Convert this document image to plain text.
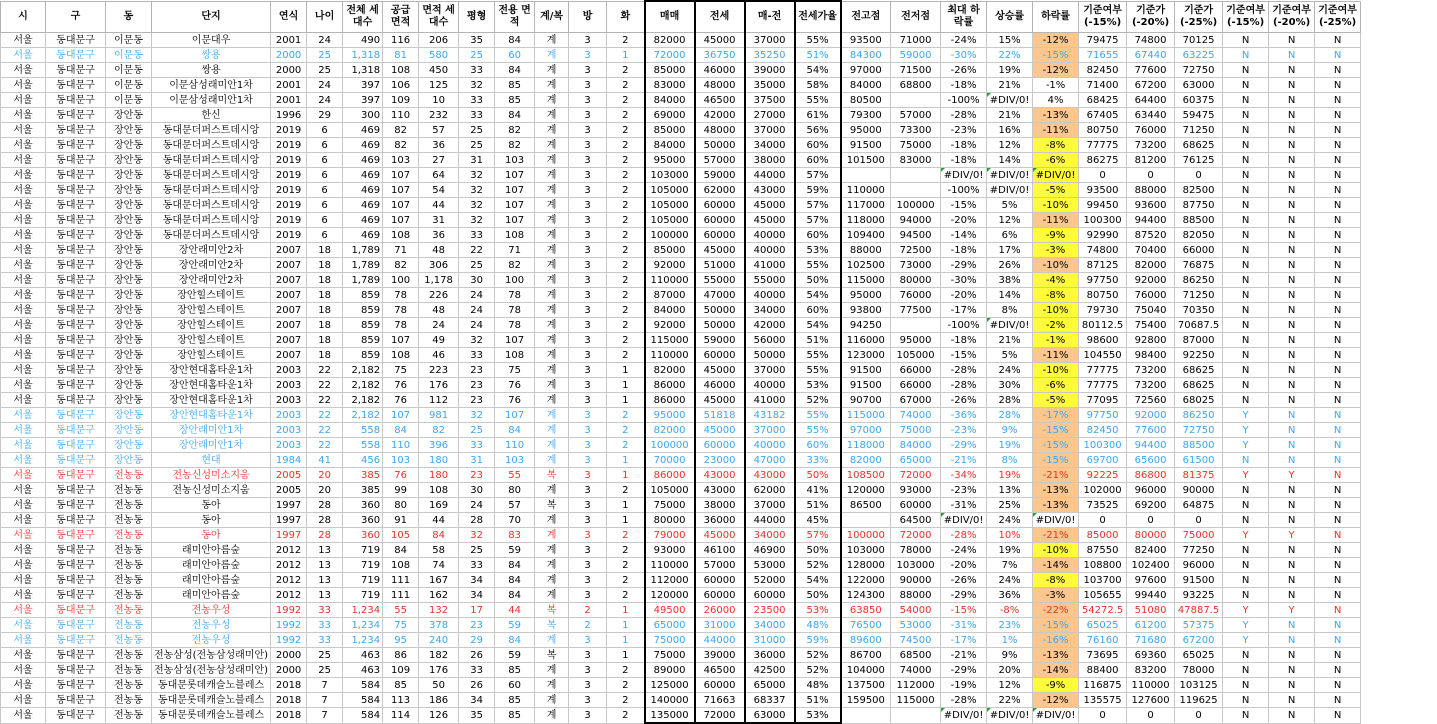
시	구	동	단지	연식	나이	전체 세대수	공급 면적	면적 세대수	평형	전용 면적	계/복	방	화	매매	전세	매-전	전세가율	전고점	전저점	최대 하락률	상승률	하락률	기준여부 (-15%)	기준가 (-20%)	기준가 (-25%)	기준여부 (-15%)	기준여부 (-20%)	기준여부 (-25%)
서울	동대문구	이문동	이문대우	2001	24	490	116	206	35	84	계	3	2	82000	45000	37000	55%	93500	71000	-24%	15%	-12%	79475	74800	70125	N	N	N
서울	동대문구	이문동	쌍용	2000	25	1,318	81	580	25	60	계	3	1	72000	36750	35250	51%	84300	59000	-30%	22%	-15%	71655	67440	63225	N	N	N
서울	동대문구	이문동	쌍용	2000	25	1,318	108	450	33	84	계	3	2	85000	46000	39000	54%	97000	71500	-26%	19%	-12%	82450	77600	72750	N	N	N
서울	동대문구	이문동	이문삼성래미안1차	2001	24	397	106	125	32	85	계	3	2	83000	48000	35000	58%	84000	68800	-18%	21%	-1%	71400	67200	63000	N	N	N
서울	동대문구	이문동	이문삼성래미안1차	2001	24	397	109	10	33	85	계	3	2	84000	46500	37500	55%	80500		-100%	#DIV/0!	4%	68425	64400	60375	N	N	N
서울	동대문구	장안동	한신	1996	29	300	110	232	33	84	계	3	2	69000	42000	27000	61%	79300	57000	-28%	21%	-13%	67405	63440	59475	N	N	N
서울	동대문구	장안동	동대문더퍼스트데시앙	2019	6	469	82	57	25	82	계	3	2	85000	48000	37000	56%	95000	73300	-23%	16%	-11%	80750	76000	71250	N	N	N
서울	동대문구	장안동	동대문더퍼스트데시앙	2019	6	469	82	36	25	82	계	3	2	84000	50000	34000	60%	91500	75000	-18%	12%	-8%	77775	73200	68625	N	N	N
서울	동대문구	장안동	동대문더퍼스트데시앙	2019	6	469	103	27	31	103	계	3	2	95000	57000	38000	60%	101500	83000	-18%	14%	-6%	86275	81200	76125	N	N	N
서울	동대문구	장안동	동대문더퍼스트데시앙	2019	6	469	107	64	32	107	계	3	2	103000	59000	44000	57%			#DIV/0!	#DIV/0!	#DIV/0!	0	0	0	N	N	N
서울	동대문구	장안동	동대문더퍼스트데시앙	2019	6	469	107	54	32	107	계	3	2	105000	62000	43000	59%	110000		-100%	#DIV/0!	-5%	93500	88000	82500	N	N	N
서울	동대문구	장안동	동대문더퍼스트데시앙	2019	6	469	107	44	32	107	계	3	2	105000	60000	45000	57%	117000	100000	-15%	5%	-10%	99450	93600	87750	N	N	N
서울	동대문구	장안동	동대문더퍼스트데시앙	2019	6	469	107	31	32	107	계	3	2	105000	60000	45000	57%	118000	94000	-20%	12%	-11%	100300	94400	88500	N	N	N
서울	동대문구	장안동	동대문더퍼스트데시앙	2019	6	469	108	36	33	108	계	3	2	100000	60000	40000	60%	109400	94500	-14%	6%	-9%	92990	87520	82050	N	N	N
서울	동대문구	장안동	장안래미안2차	2007	18	1,789	71	48	22	71	계	3	2	85000	45000	40000	53%	88000	72500	-18%	17%	-3%	74800	70400	66000	N	N	N
서울	동대문구	장안동	장안래미안2차	2007	18	1,789	82	306	25	82	계	3	2	92000	51000	41000	55%	102500	73000	-29%	26%	-10%	87125	82000	76875	N	N	N
서울	동대문구	장안동	장안래미안2차	2007	18	1,789	100	1,178	30	100	계	3	2	110000	55000	55000	50%	115000	80000	-30%	38%	-4%	97750	92000	86250	N	N	N
서울	동대문구	장안동	장안힐스테이트	2007	18	859	78	226	24	78	계	3	2	87000	47000	40000	54%	95000	76000	-20%	14%	-8%	80750	76000	71250	N	N	N
서울	동대문구	장안동	장안힐스테이트	2007	18	859	78	48	24	78	계	3	2	84000	50000	34000	60%	93800	77500	-17%	8%	-10%	79730	75040	70350	N	N	N
서울	동대문구	장안동	장안힐스테이트	2007	18	859	78	24	24	78	계	3	2	92000	50000	42000	54%	94250		-100%	#DIV/0!	-2%	80112.5	75400	70687.5	N	N	N
서울	동대문구	장안동	장안힐스테이트	2007	18	859	107	49	32	107	계	3	2	115000	59000	56000	51%	116000	95000	-18%	21%	-1%	98600	92800	87000	N	N	N
서울	동대문구	장안동	장안힐스테이트	2007	18	859	108	46	33	108	계	3	2	110000	60000	50000	55%	123000	105000	-15%	5%	-11%	104550	98400	92250	N	N	N
서울	동대문구	장안동	장안현대홈타운1차	2003	22	2,182	75	223	23	75	계	3	1	82000	45000	37000	55%	91500	66000	-28%	24%	-10%	77775	73200	68625	N	N	N
서울	동대문구	장안동	장안현대홈타운1차	2003	22	2,182	76	176	23	76	계	3	1	86000	46000	40000	53%	91500	66000	-28%	30%	-6%	77775	73200	68625	N	N	N
서울	동대문구	장안동	장안현대홈타운1차	2003	22	2,182	76	112	23	76	계	3	1	86000	45000	41000	52%	90700	67000	-26%	28%	-5%	77095	72560	68025	N	N	N
서울	동대문구	장안동	장안현대홈타운1차	2003	22	2,182	107	981	32	107	계	3	2	95000	51818	43182	55%	115000	74000	-36%	28%	-17%	97750	92000	86250	Y	N	N
서울	동대문구	장안동	장안래미안1차	2003	22	558	84	82	25	84	계	3	2	82000	45000	37000	55%	97000	75000	-23%	9%	-15%	82450	77600	72750	Y	N	N
서울	동대문구	장안동	장안래미안1차	2003	22	558	110	396	33	110	계	3	2	100000	60000	40000	60%	118000	84000	-29%	19%	-15%	100300	94400	88500	Y	N	N
서울	동대문구	장안동	현대	1984	41	456	103	180	31	103	계	3	1	70000	23000	47000	33%	82000	65000	-21%	8%	-15%	69700	65600	61500	N	N	N
서울	동대문구	전농동	전농신성미소지움	2005	20	385	76	180	23	55	복	3	1	86000	43000	43000	50%	108500	72000	-34%	19%	-21%	92225	86800	81375	Y	Y	N
서울	동대문구	전농동	전농신성미소지움	2005	20	385	99	108	30	80	계	3	2	105000	43000	62000	41%	120000	93000	-23%	13%	-13%	102000	96000	90000	N	N	N
서울	동대문구	전농동	동아	1997	28	360	80	169	24	57	복	3	1	75000	38000	37000	51%	86500	60000	-31%	25%	-13%	73525	69200	64875	N	N	N
서울	동대문구	전농동	동아	1997	28	360	91	44	28	70	계	3	1	80000	36000	44000	45%		64500	#DIV/0!	24%	#DIV/0!	0	0	0	N	N	N
서울	동대문구	전농동	동아	1997	28	360	105	84	32	83	계	3	2	79000	45000	34000	57%	100000	72000	-28%	10%	-21%	85000	80000	75000	Y	Y	N
서울	동대문구	전농동	래미안아름숲	2012	13	719	84	58	25	59	계	3	2	93000	46100	46900	50%	103000	78000	-24%	19%	-10%	87550	82400	77250	N	N	N
서울	동대문구	전농동	래미안아름숲	2012	13	719	108	74	33	84	계	3	2	110000	57000	53000	52%	128000	103000	-20%	7%	-14%	108800	102400	96000	N	N	N
서울	동대문구	전농동	래미안아름숲	2012	13	719	111	167	34	84	계	3	2	112000	60000	52000	54%	122000	90000	-26%	24%	-8%	103700	97600	91500	N	N	N
서울	동대문구	전농동	래미안아름숲	2012	13	719	111	162	34	84	계	3	2	120000	60000	60000	50%	124300	88000	-29%	36%	-3%	105655	99440	93225	N	N	N
서울	동대문구	전농동	전농우성	1992	33	1,234	55	132	17	44	복	2	1	49500	26000	23500	53%	63850	54000	-15%	-8%	-22%	54272.5	51080	47887.5	Y	Y	N
서울	동대문구	전농동	전농우성	1992	33	1,234	75	378	23	59	복	2	1	65000	31000	34000	48%	76500	53000	-31%	23%	-15%	65025	61200	57375	Y	N	N
서울	동대문구	전농동	전농우성	1992	33	1,234	95	240	29	84	계	3	1	75000	44000	31000	59%	89600	74500	-17%	1%	-16%	76160	71680	67200	Y	N	N
서울	동대문구	전농동	전농삼성(전농삼성래미안)	2000	25	463	86	182	26	59	복	3	1	75000	39000	36000	52%	86700	68500	-21%	9%	-13%	73695	69360	65025	N	N	N
서울	동대문구	전농동	전농삼성(전농삼성래미안)	2000	25	463	109	176	33	85	계	3	2	89000	46500	42500	52%	104000	74000	-29%	20%	-14%	88400	83200	78000	N	N	N
서울	동대문구	전농동	동대문롯데캐슬노블레스	2018	7	584	85	50	26	60	계	3	2	125000	60000	65000	48%	137500	112000	-19%	12%	-9%	116875	110000	103125	N	N	N
서울	동대문구	전농동	동대문롯데캐슬노블레스	2018	7	584	113	186	34	85	계	3	2	140000	71663	68337	51%	159500	115000	-28%	22%	-12%	135575	127600	119625	N	N	N
서울	동대문구	전농동	동대문롯데캐슬노블레스	2018	7	584	114	126	35	85	계	3	2	135000	72000	63000	53%			#DIV/0!	#DIV/0!	#DIV/0!	0	0	0	N	N	N
